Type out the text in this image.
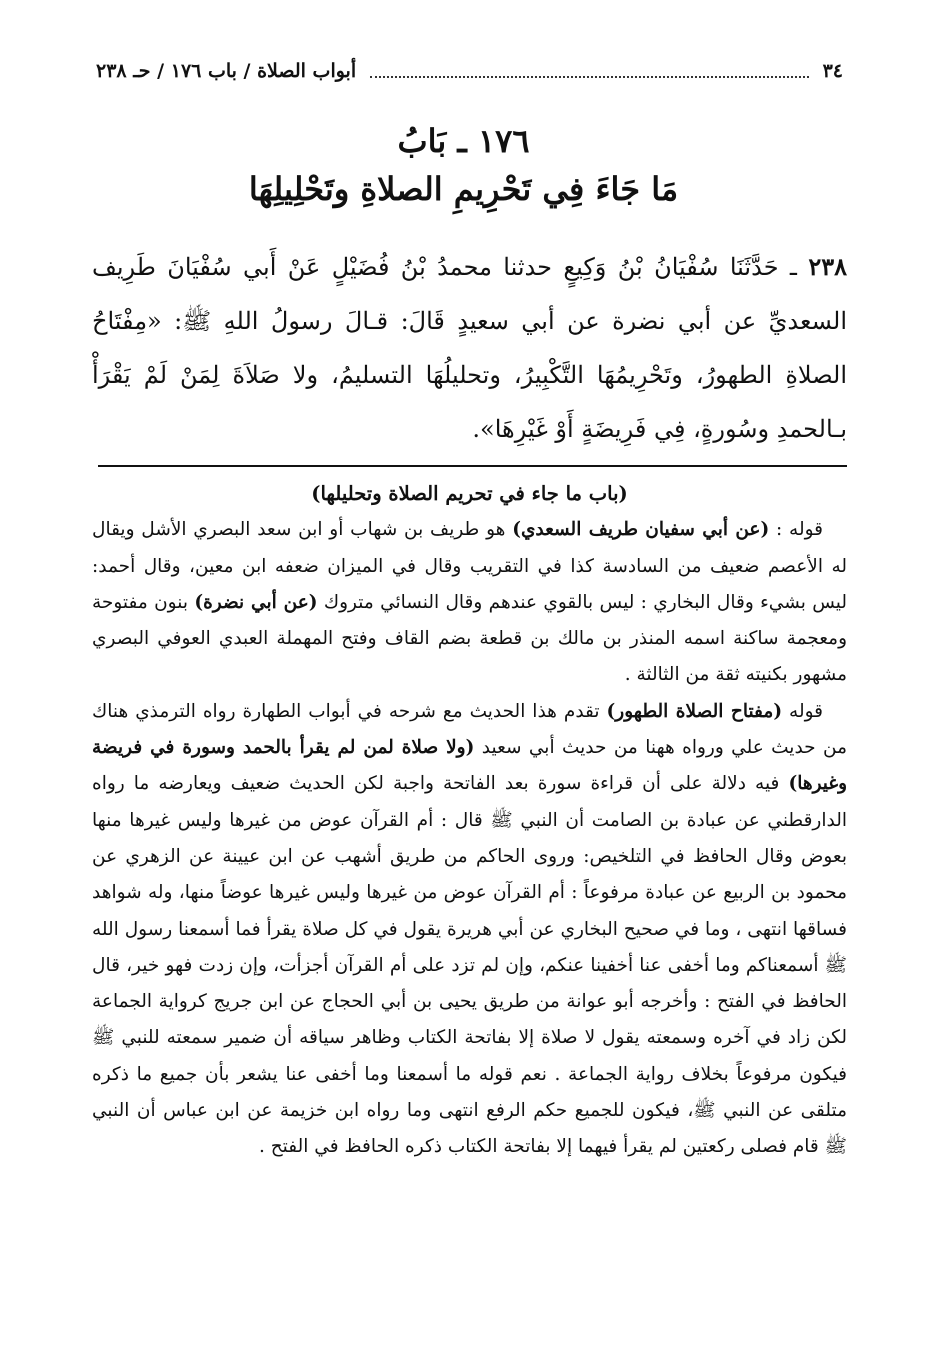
٣٤
أبواب الصلاة / باب ١٧٦ / حـ ٢٣٨
١٧٦ ـ بَابُ
مَا جَاءَ فِي تَحْرِيمِ الصلاةِ وتَحْلِيلِهَا

٢٣٨ ـ حَدَّثَنَا سُفْيَانُ بْنُ وَكِيعٍ حدثنا محمدُ بْنُ فُضَيْلٍ عَنْ أَبي سُفْيَانَ طَرِيف السعديِّ عن أبي نضرة عن أبي سعيدٍ قَالَ: قـالَ رسولُ اللهِ ﷺ: «مِفْتَاحُ الصلاةِ الطهورُ، وتَحْرِيمُهَا التَّكْبِيرُ، وتحليلُهَا التسليمُ، ولا صَلاَةَ لِمَنْ لَمْ يَقْرَأْ بـالحمدِ وسُورةٍ، فِي فَرِيضَةٍ أَوْ غَيْرِهَا».

(باب ما جاء في تحريم الصلاة وتحليلها)

قوله : (عن أبي سفيان طريف السعدي) هو طريف بن شهاب أو ابن سعد البصري الأشل ويقال له الأعصم ضعيف من السادسة كذا في التقريب وقال في الميزان ضعفه ابن معين، وقال أحمد: ليس بشيء وقال البخاري : ليس بالقوي عندهم وقال النسائي متروك (عن أبي نضرة) بنون مفتوحة ومعجمة ساكنة اسمه المنذر بن مالك بن قطعة بضم القاف وفتح المهملة العبدي العوفي البصري مشهور بكنيته ثقة من الثالثة .

قوله (مفتاح الصلاة الطهور) تقدم هذا الحديث مع شرحه في أبواب الطهارة رواه الترمذي هناك من حديث علي ورواه ههنا من حديث أبي سعيد (ولا صلاة لمن لم يقرأ بالحمد وسورة في فريضة وغيرها) فيه دلالة على أن قراءة سورة بعد الفاتحة واجبة لكن الحديث ضعيف ويعارضه ما رواه الدارقطني عن عبادة بن الصامت أن النبي ﷺ قال : أم القرآن عوض من غيرها وليس غيرها منها بعوض وقال الحافظ في التلخيص: وروى الحاكم من طريق أشهب عن ابن عيينة عن الزهري عن محمود بن الربيع عن عبادة مرفوعاً : أم القرآن عوض من غيرها وليس غيرها عوضاً منها، وله شواهد فساقها انتهى ، وما في صحيح البخاري عن أبي هريرة يقول في كل صلاة يقرأ فما أسمعنا رسول الله ﷺ أسمعناكم وما أخفى عنا أخفينا عنكم، وإن لم تزد على أم القرآن أجزأت، وإن زدت فهو خير، قال الحافظ في الفتح : وأخرجه أبو عوانة من طريق يحيى بن أبي الحجاج عن ابن جريج كرواية الجماعة لكن زاد في آخره وسمعته يقول لا صلاة إلا بفاتحة الكتاب وظاهر سياقه أن ضمير سمعته للنبي ﷺ فيكون مرفوعاً بخلاف رواية الجماعة . نعم قوله ما أسمعنا وما أخفى عنا يشعر بأن جميع ما ذكره متلقى عن النبي ﷺ، فيكون للجميع حكم الرفع انتهى وما رواه ابن خزيمة عن ابن عباس أن النبي ﷺ قام فصلى ركعتين لم يقرأ فيهما إلا بفاتحة الكتاب ذكره الحافظ في الفتح .
